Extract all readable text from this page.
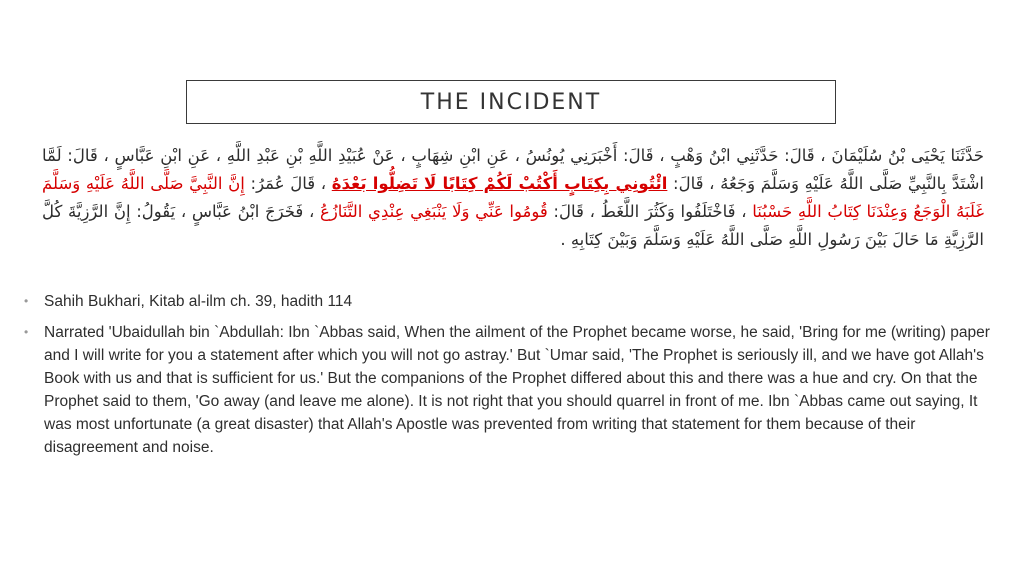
THE INCIDENT
حَدَّثَنَا يَحْيَى بْنُ سُلَيْمَانَ ، قَالَ: حَدَّثَنِي ابْنُ وَهْبٍ ، قَالَ: أَخْبَرَنِي يُونُسُ ، عَنِ ابْنِ شِهَابٍ ، عَنْ عُبَيْدِ اللَّهِ بْنِ عَبْدِ اللَّهِ ، عَنِ ابْنِ عَبَّاسٍ ، قَالَ: لَمَّا اشْتَدَّ بِالنَّبِيِّ صَلَّى اللَّهُ عَلَيْهِ وَسَلَّمَ وَجَعُهُ ، قَالَ: ائْتُونِي بِكِتَابٍ أَكْتُبْ لَكُمْ كِتَابًا لَا تَضِلُّوا بَعْدَهُ ، قَالَ عُمَرُ: إِنَّ النَّبِيَّ صَلَّى اللَّهُ عَلَيْهِ وَسَلَّمَ غَلَبَهُ الْوَجَعُ وَعِنْدَنَا كِتَابُ اللَّهِ حَسْبُنَا ، فَاخْتَلَفُوا وَكَثُرَ اللَّغَطُ ، قَالَ: قُومُوا عَنِّي وَلَا يَنْبَغِي عِنْدِي التَّنَازُعُ ، فَخَرَجَ ابْنُ عَبَّاسٍ ، يَقُولُ: إِنَّ الرَّزِيَّةَ كُلَّ الرَّزِيَّةِ مَا حَالَ بَيْنَ رَسُولِ اللَّهِ صَلَّى اللَّهُ عَلَيْهِ وَسَلَّمَ وَبَيْنَ كِتَابِهِ .
• Sahih Bukhari, Kitab al-ilm ch. 39, hadith 114
• Narrated 'Ubaidullah bin `Abdullah: Ibn `Abbas said, When the ailment of the Prophet became worse, he said, 'Bring for me (writing) paper and I will write for you a statement after which you will not go astray.' But `Umar said, 'The Prophet is seriously ill, and we have got Allah's Book with us and that is sufficient for us.' But the companions of the Prophet differed about this and there was a hue and cry. On that the Prophet said to them, 'Go away (and leave me alone). It is not right that you should quarrel in front of me. Ibn `Abbas came out saying, It was most unfortunate (a great disaster) that Allah's Apostle was prevented from writing that statement for them because of their disagreement and noise.
